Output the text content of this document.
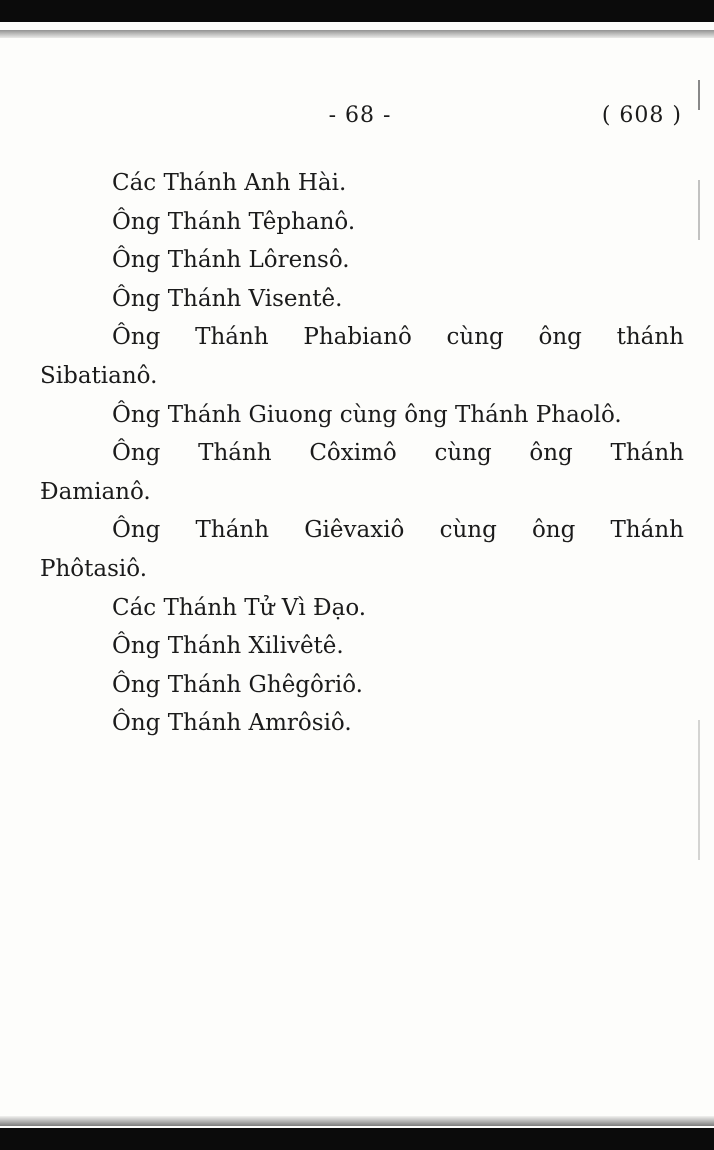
- 68 -	( 608 )
Các Thánh Anh Hài.
Ông Thánh Têphanô.
Ông Thánh Lôrensô.
Ông Thánh Visentê.
Ông Thánh Phabianô cùng ông thánh
Sibatianô.
Ông Thánh Giuong cùng ông Thánh Phaolô.
Ông Thánh Côximô cùng ông Thánh
Đamianô.
Ông Thánh Giêvaxiô cùng ông Thánh
Phôtasiô.
Các Thánh Tử Vì Đạo.
Ông Thánh Xilivêtê.
Ông Thánh Ghêgôriô.
Ông Thánh Amrôsiô.
